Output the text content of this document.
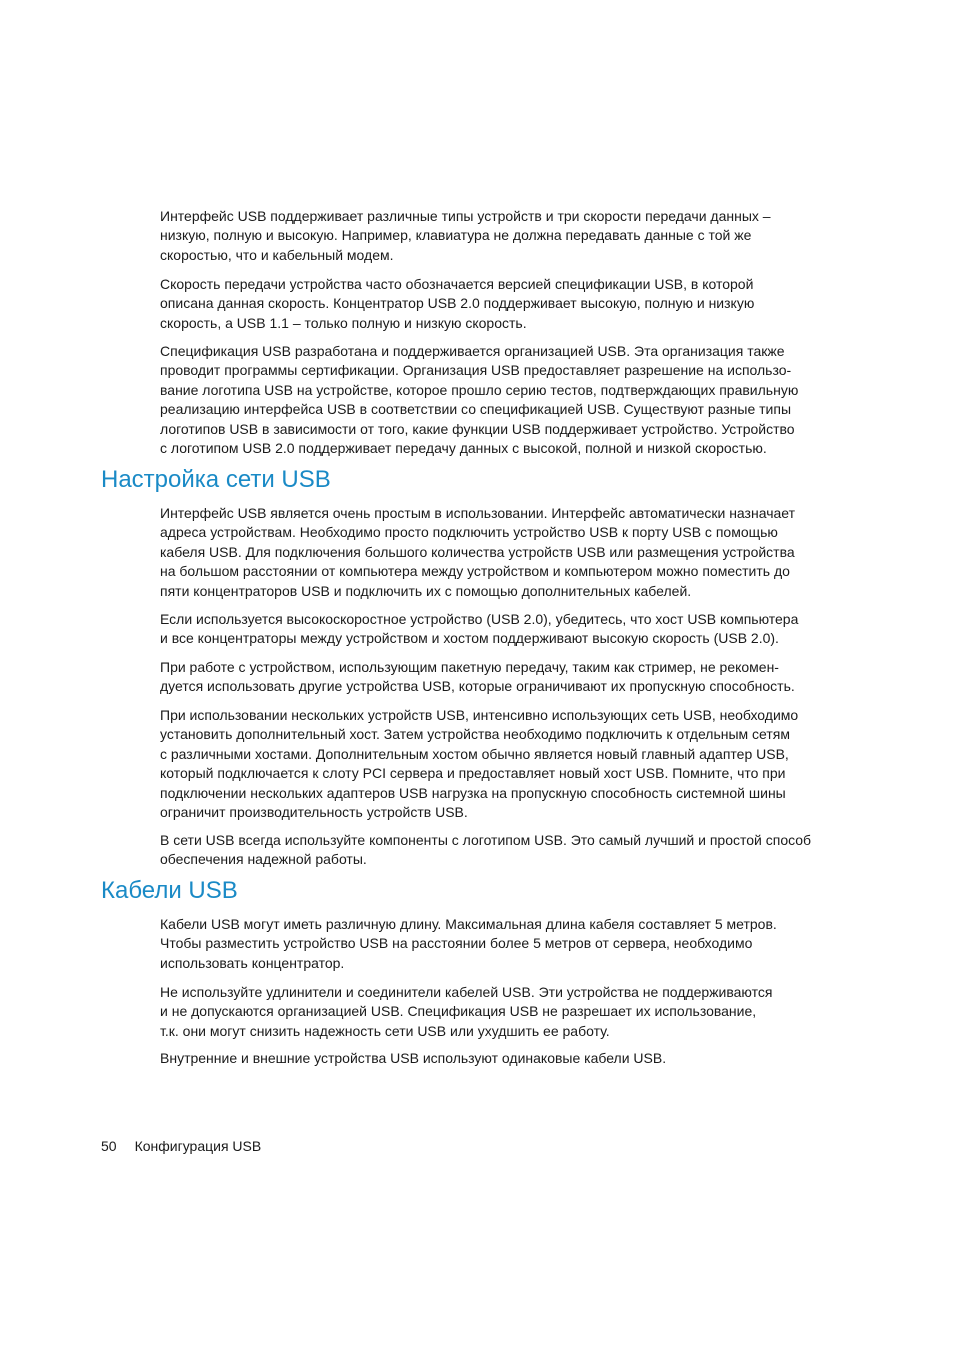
Интерфейс USB поддерживает различные типы устройств и три скорости передачи данных –
низкую, полную и высокую. Например, клавиатура не должна передавать данные с той же
скоростью, что и кабельный модем.

Скорость передачи устройства часто обозначается версией спецификации USB, в которой
описана данная скорость. Концентратор USB 2.0 поддерживает высокую, полную и низкую
скорость, а USB 1.1 – только полную и низкую скорость.

Спецификация USB разработана и поддерживается организацией USB. Эта организация также
проводит программы сертификации. Организация USB предоставляет разрешение на использо-
вание логотипа USB на устройстве, которое прошло серию тестов, подтверждающих правильную
реализацию интерфейса USB в соответствии со спецификацией USB. Существуют разные типы
логотипов USB в зависимости от того, какие функции USB поддерживает устройство. Устройство
с логотипом USB 2.0 поддерживает передачу данных с высокой, полной и низкой скоростью.

Настройка сети USB

Интерфейс USB является очень простым в использовании. Интерфейс автоматически назначает
адреса устройствам. Необходимо просто подключить устройство USB к порту USB с помощью
кабеля USB. Для подключения большого количества устройств USB или размещения устройства
на большом расстоянии от компьютера между устройством и компьютером можно поместить до
пяти концентраторов USB и подключить их с помощью дополнительных кабелей.

Если используется высокоскоростное устройство (USB 2.0), убедитесь, что хост USB компьютера
и все концентраторы между устройством и хостом поддерживают высокую скорость (USB 2.0).

При работе с устройством, использующим пакетную передачу, таким как стример, не рекомен-
дуется использовать другие устройства USB, которые ограничивают их пропускную способность.

При использовании нескольких устройств USB, интенсивно использующих сеть USB, необходимо
установить дополнительный хост. Затем устройства необходимо подключить к отдельным сетям
с различными хостами. Дополнительным хостом обычно является новый главный адаптер USB,
который подключается к слоту PCI сервера и предоставляет новый хост USB. Помните, что при
подключении нескольких адаптеров USB нагрузка на пропускную способность системной шины
ограничит производительность устройств USB.

В сети USB всегда используйте компоненты с логотипом USB. Это самый лучший и простой способ
обеспечения надежной работы.

Кабели USB

Кабели USB могут иметь различную длину. Максимальная длина кабеля составляет 5 метров.
Чтобы разместить устройство USB на расстоянии более 5 метров от сервера, необходимо
использовать концентратор.

Не используйте удлинители и соединители кабелей USB. Эти устройства не поддерживаются
и не допускаются организацией USB. Спецификация USB не разрешает их использование,
т.к. они могут снизить надежность сети USB или ухудшить ее работу.

Внутренние и внешние устройства USB используют одинаковые кабели USB.

50 Конфигурация USB
